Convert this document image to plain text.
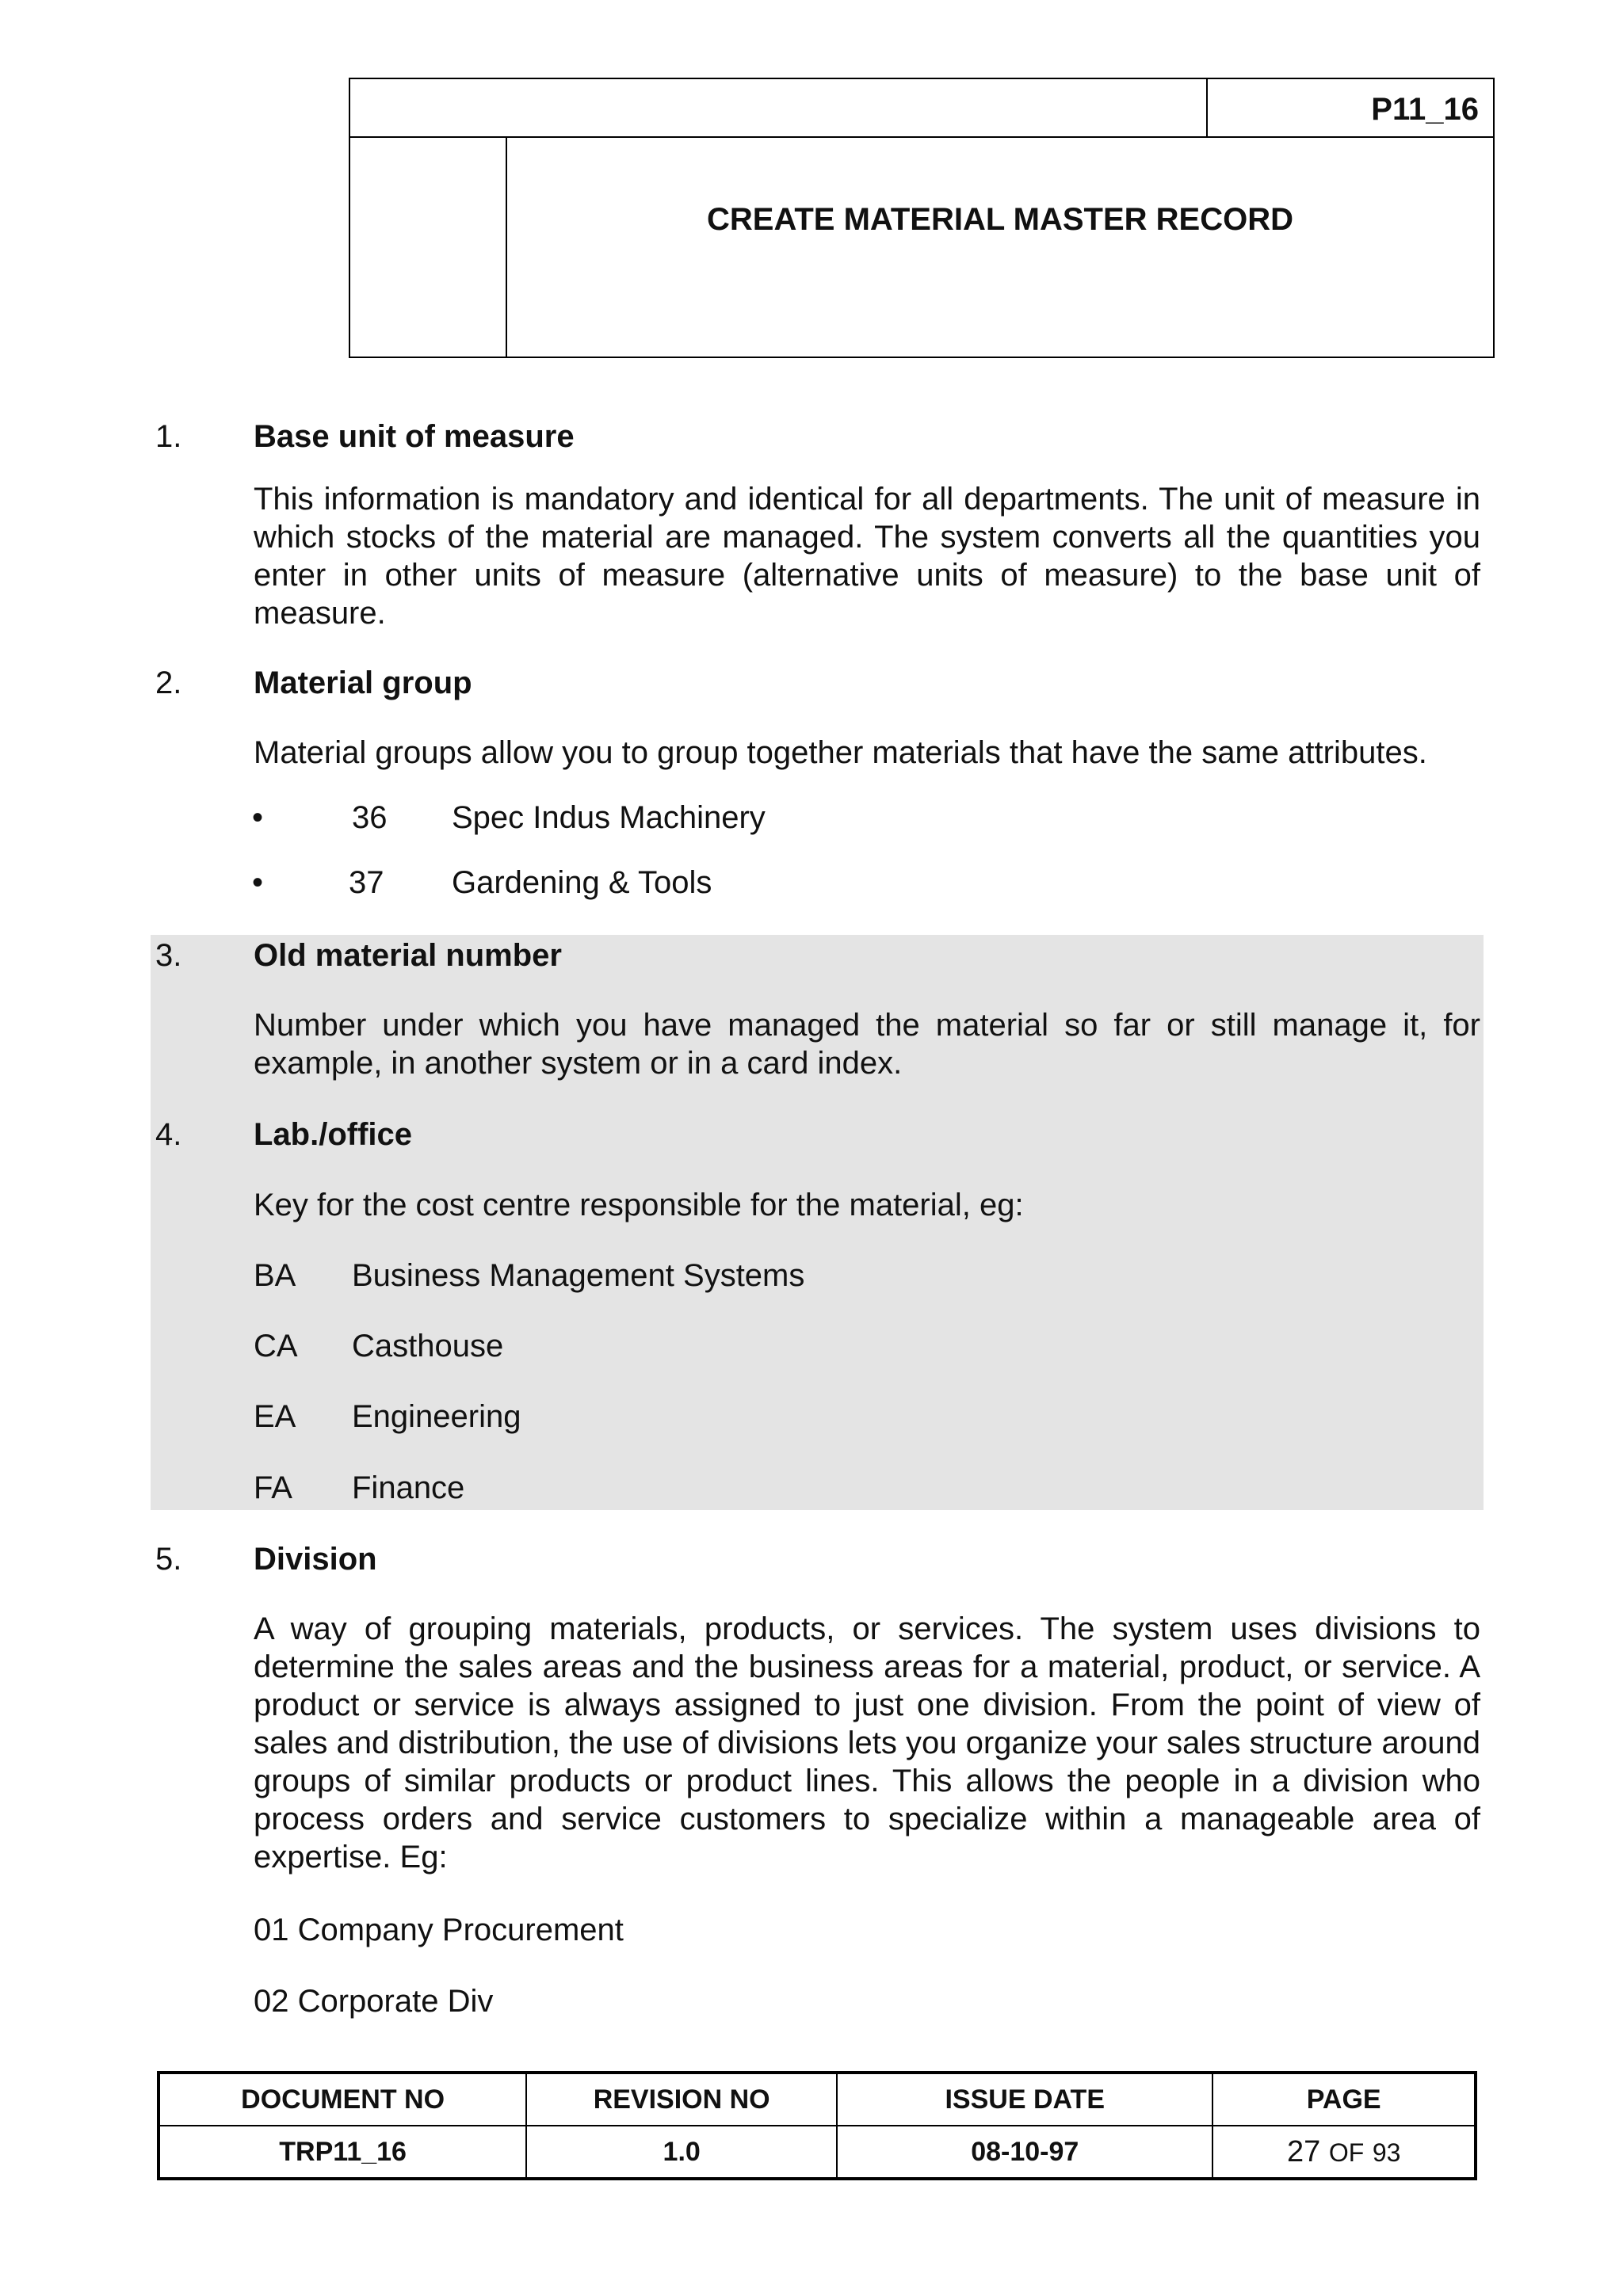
P11_16
CREATE MATERIAL MASTER RECORD
1. Base unit of measure
This information is mandatory and identical for all departments. The unit of measure in which stocks of the material are managed. The system converts all the quantities you enter in other units of measure (alternative units of measure) to the base unit of measure.
2. Material group
Material groups allow you to group together materials that have the same attributes.
•	36 Spec Indus Machinery
•	37 Gardening & Tools
3. Old material number
Number under which you have managed the material so far or still manage it, for example, in another system or in a card index.
4. Lab./office
Key for the cost centre responsible for the material, eg:
BA Business Management Systems
CA Casthouse
EA Engineering
FA Finance
5. Division
A way of grouping materials, products, or services. The system uses divisions to determine the sales areas and the business areas for a material, product, or service. A product or service is always assigned to just one division. From the point of view of sales and distribution, the use of divisions lets you organize your sales structure around groups of similar products or product lines. This allows the people in a division who process orders and service customers to specialize within a manageable area of expertise. Eg:
01 Company Procurement
02 Corporate Div
DOCUMENT NO	REVISION NO	ISSUE DATE	PAGE
TRP11_16	1.0	08-10-97	27 OF 93
